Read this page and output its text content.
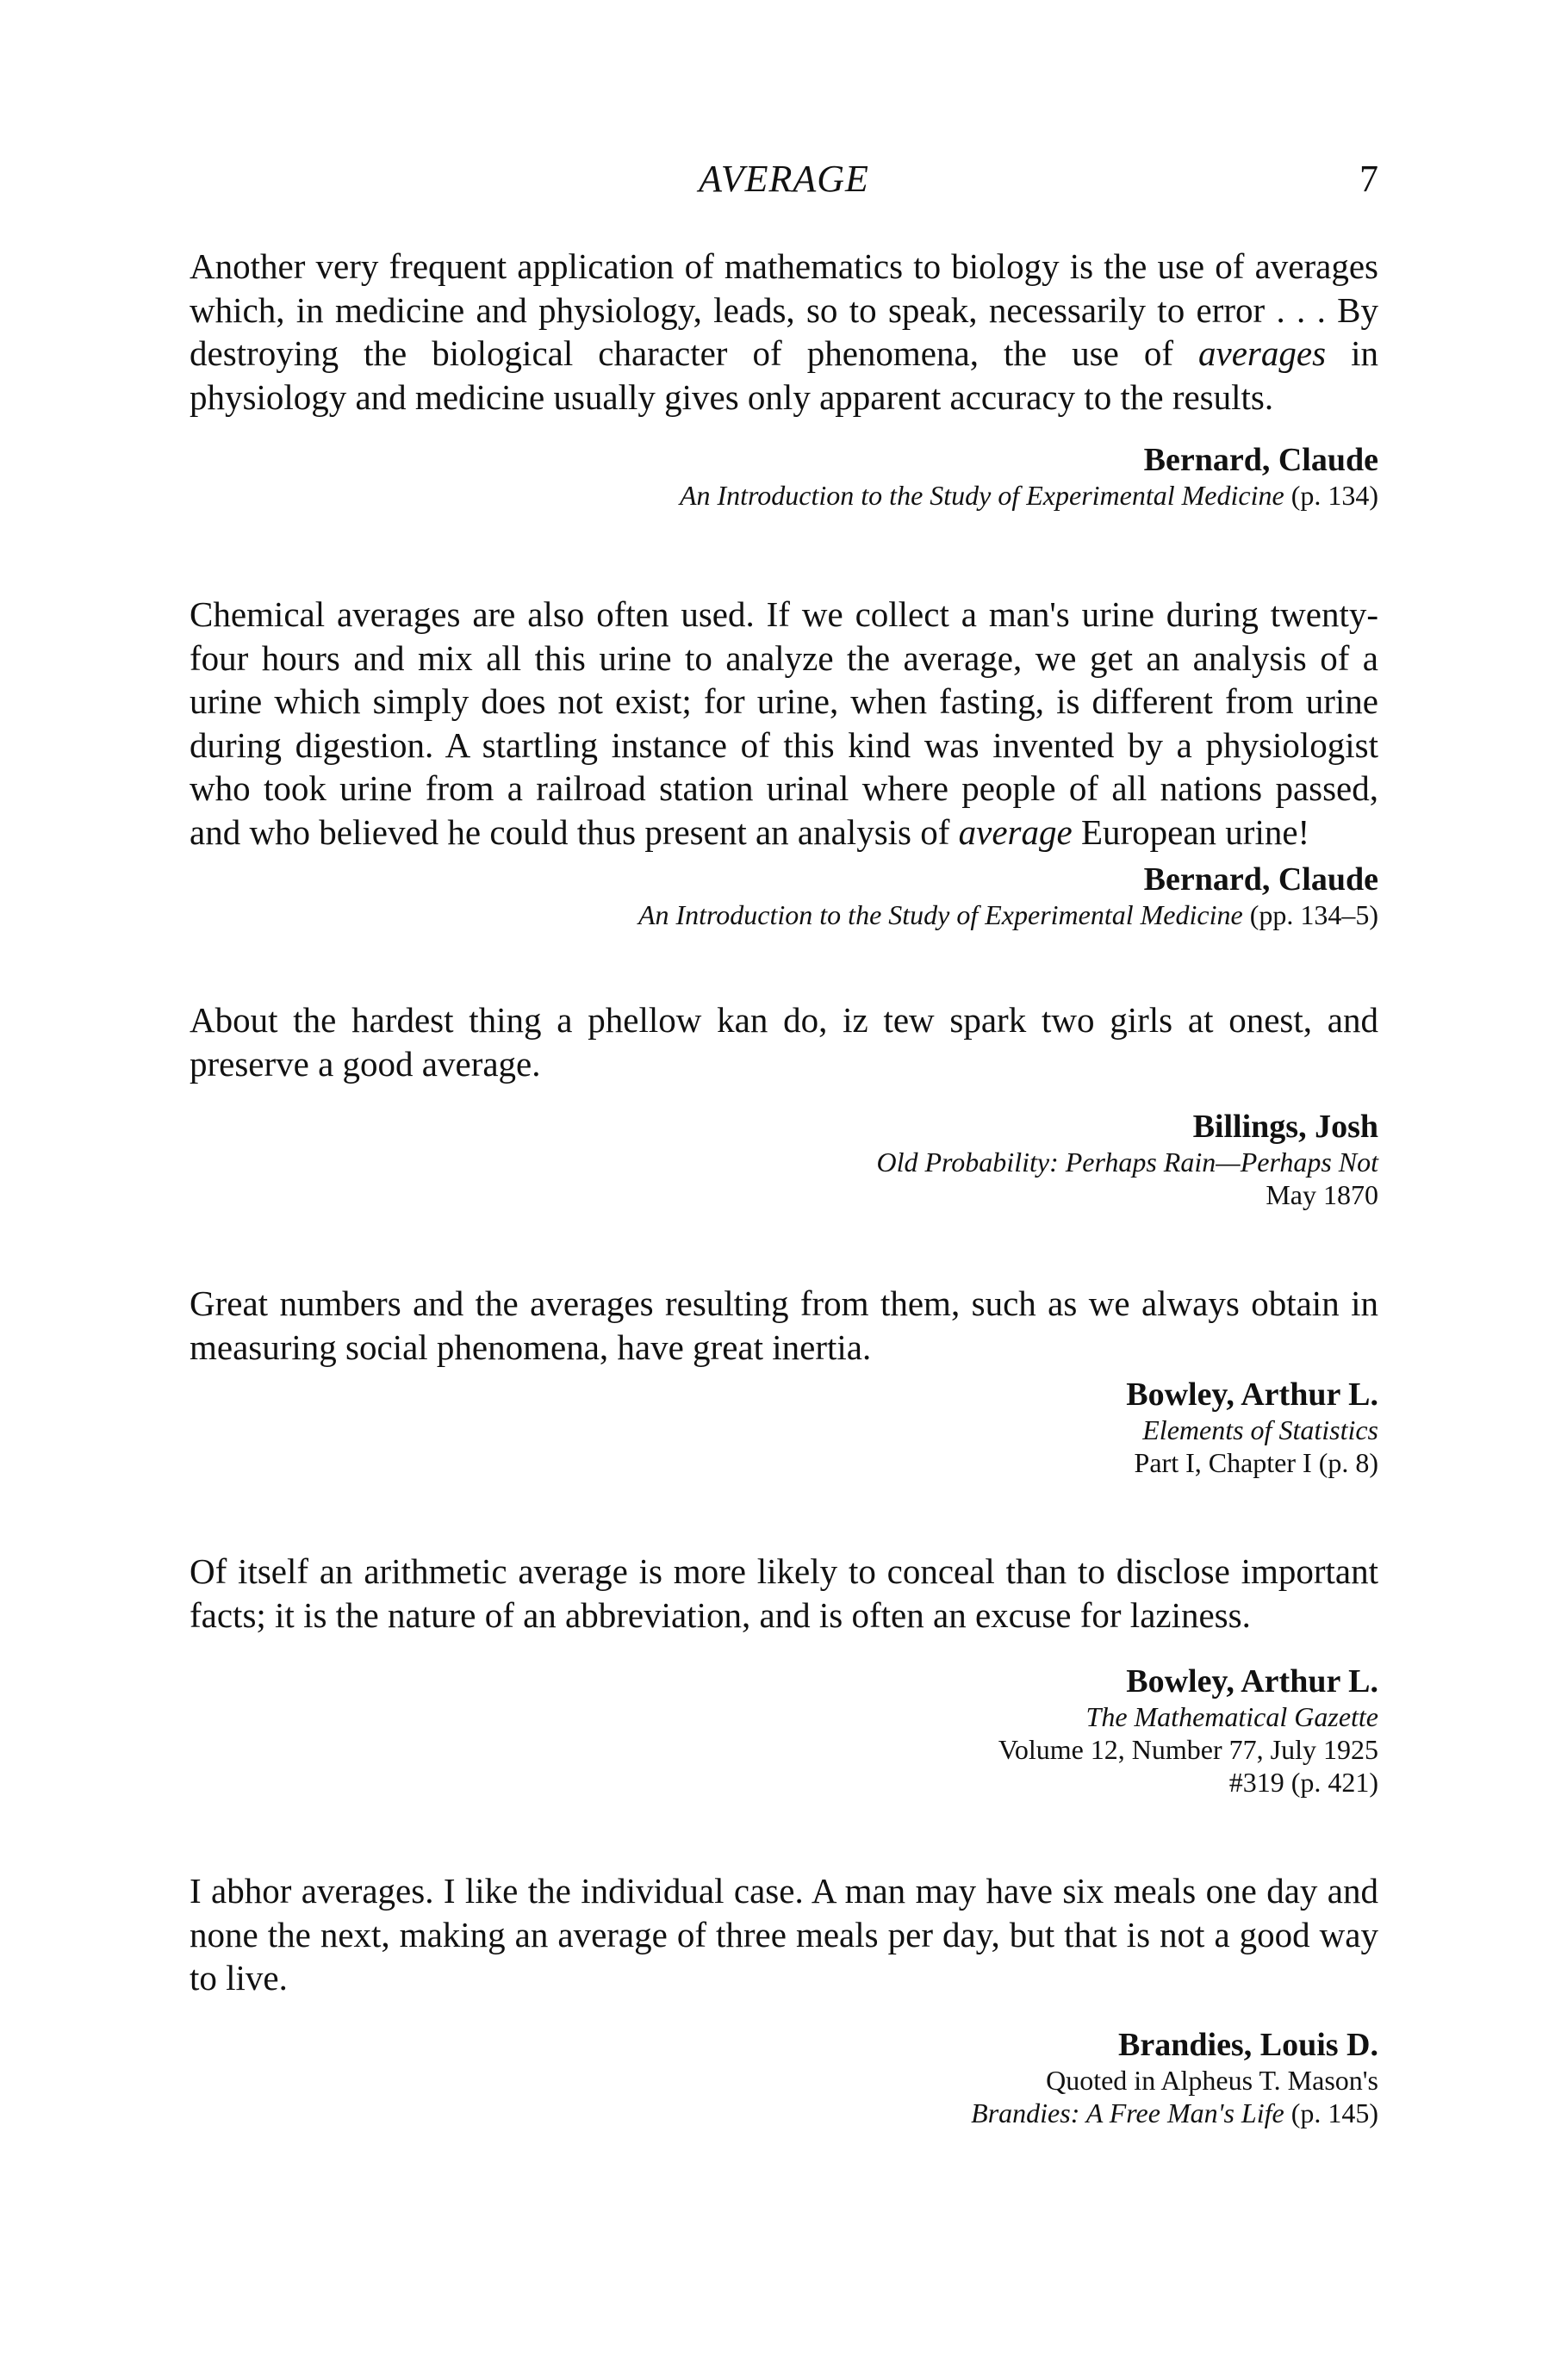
AVERAGE	7

Another very frequent application of mathematics to biology is the use of averages which, in medicine and physiology, leads, so to speak, necessarily to error . . . By destroying the biological character of phenomena, the use of averages in physiology and medicine usually gives only apparent accuracy to the results.

Bernard, Claude
An Introduction to the Study of Experimental Medicine (p. 134)

Chemical averages are also often used. If we collect a man's urine during twenty-four hours and mix all this urine to analyze the average, we get an analysis of a urine which simply does not exist; for urine, when fasting, is different from urine during digestion. A startling instance of this kind was invented by a physiologist who took urine from a railroad station urinal where people of all nations passed, and who believed he could thus present an analysis of average European urine!

Bernard, Claude
An Introduction to the Study of Experimental Medicine (pp. 134–5)

About the hardest thing a phellow kan do, iz tew spark two girls at onest, and preserve a good average.

Billings, Josh
Old Probability: Perhaps Rain—Perhaps Not
May 1870

Great numbers and the averages resulting from them, such as we always obtain in measuring social phenomena, have great inertia.

Bowley, Arthur L.
Elements of Statistics
Part I, Chapter I (p. 8)

Of itself an arithmetic average is more likely to conceal than to disclose important facts; it is the nature of an abbreviation, and is often an excuse for laziness.

Bowley, Arthur L.
The Mathematical Gazette
Volume 12, Number 77, July 1925
#319 (p. 421)

I abhor averages. I like the individual case. A man may have six meals one day and none the next, making an average of three meals per day, but that is not a good way to live.

Brandies, Louis D.
Quoted in Alpheus T. Mason's
Brandies: A Free Man's Life (p. 145)
